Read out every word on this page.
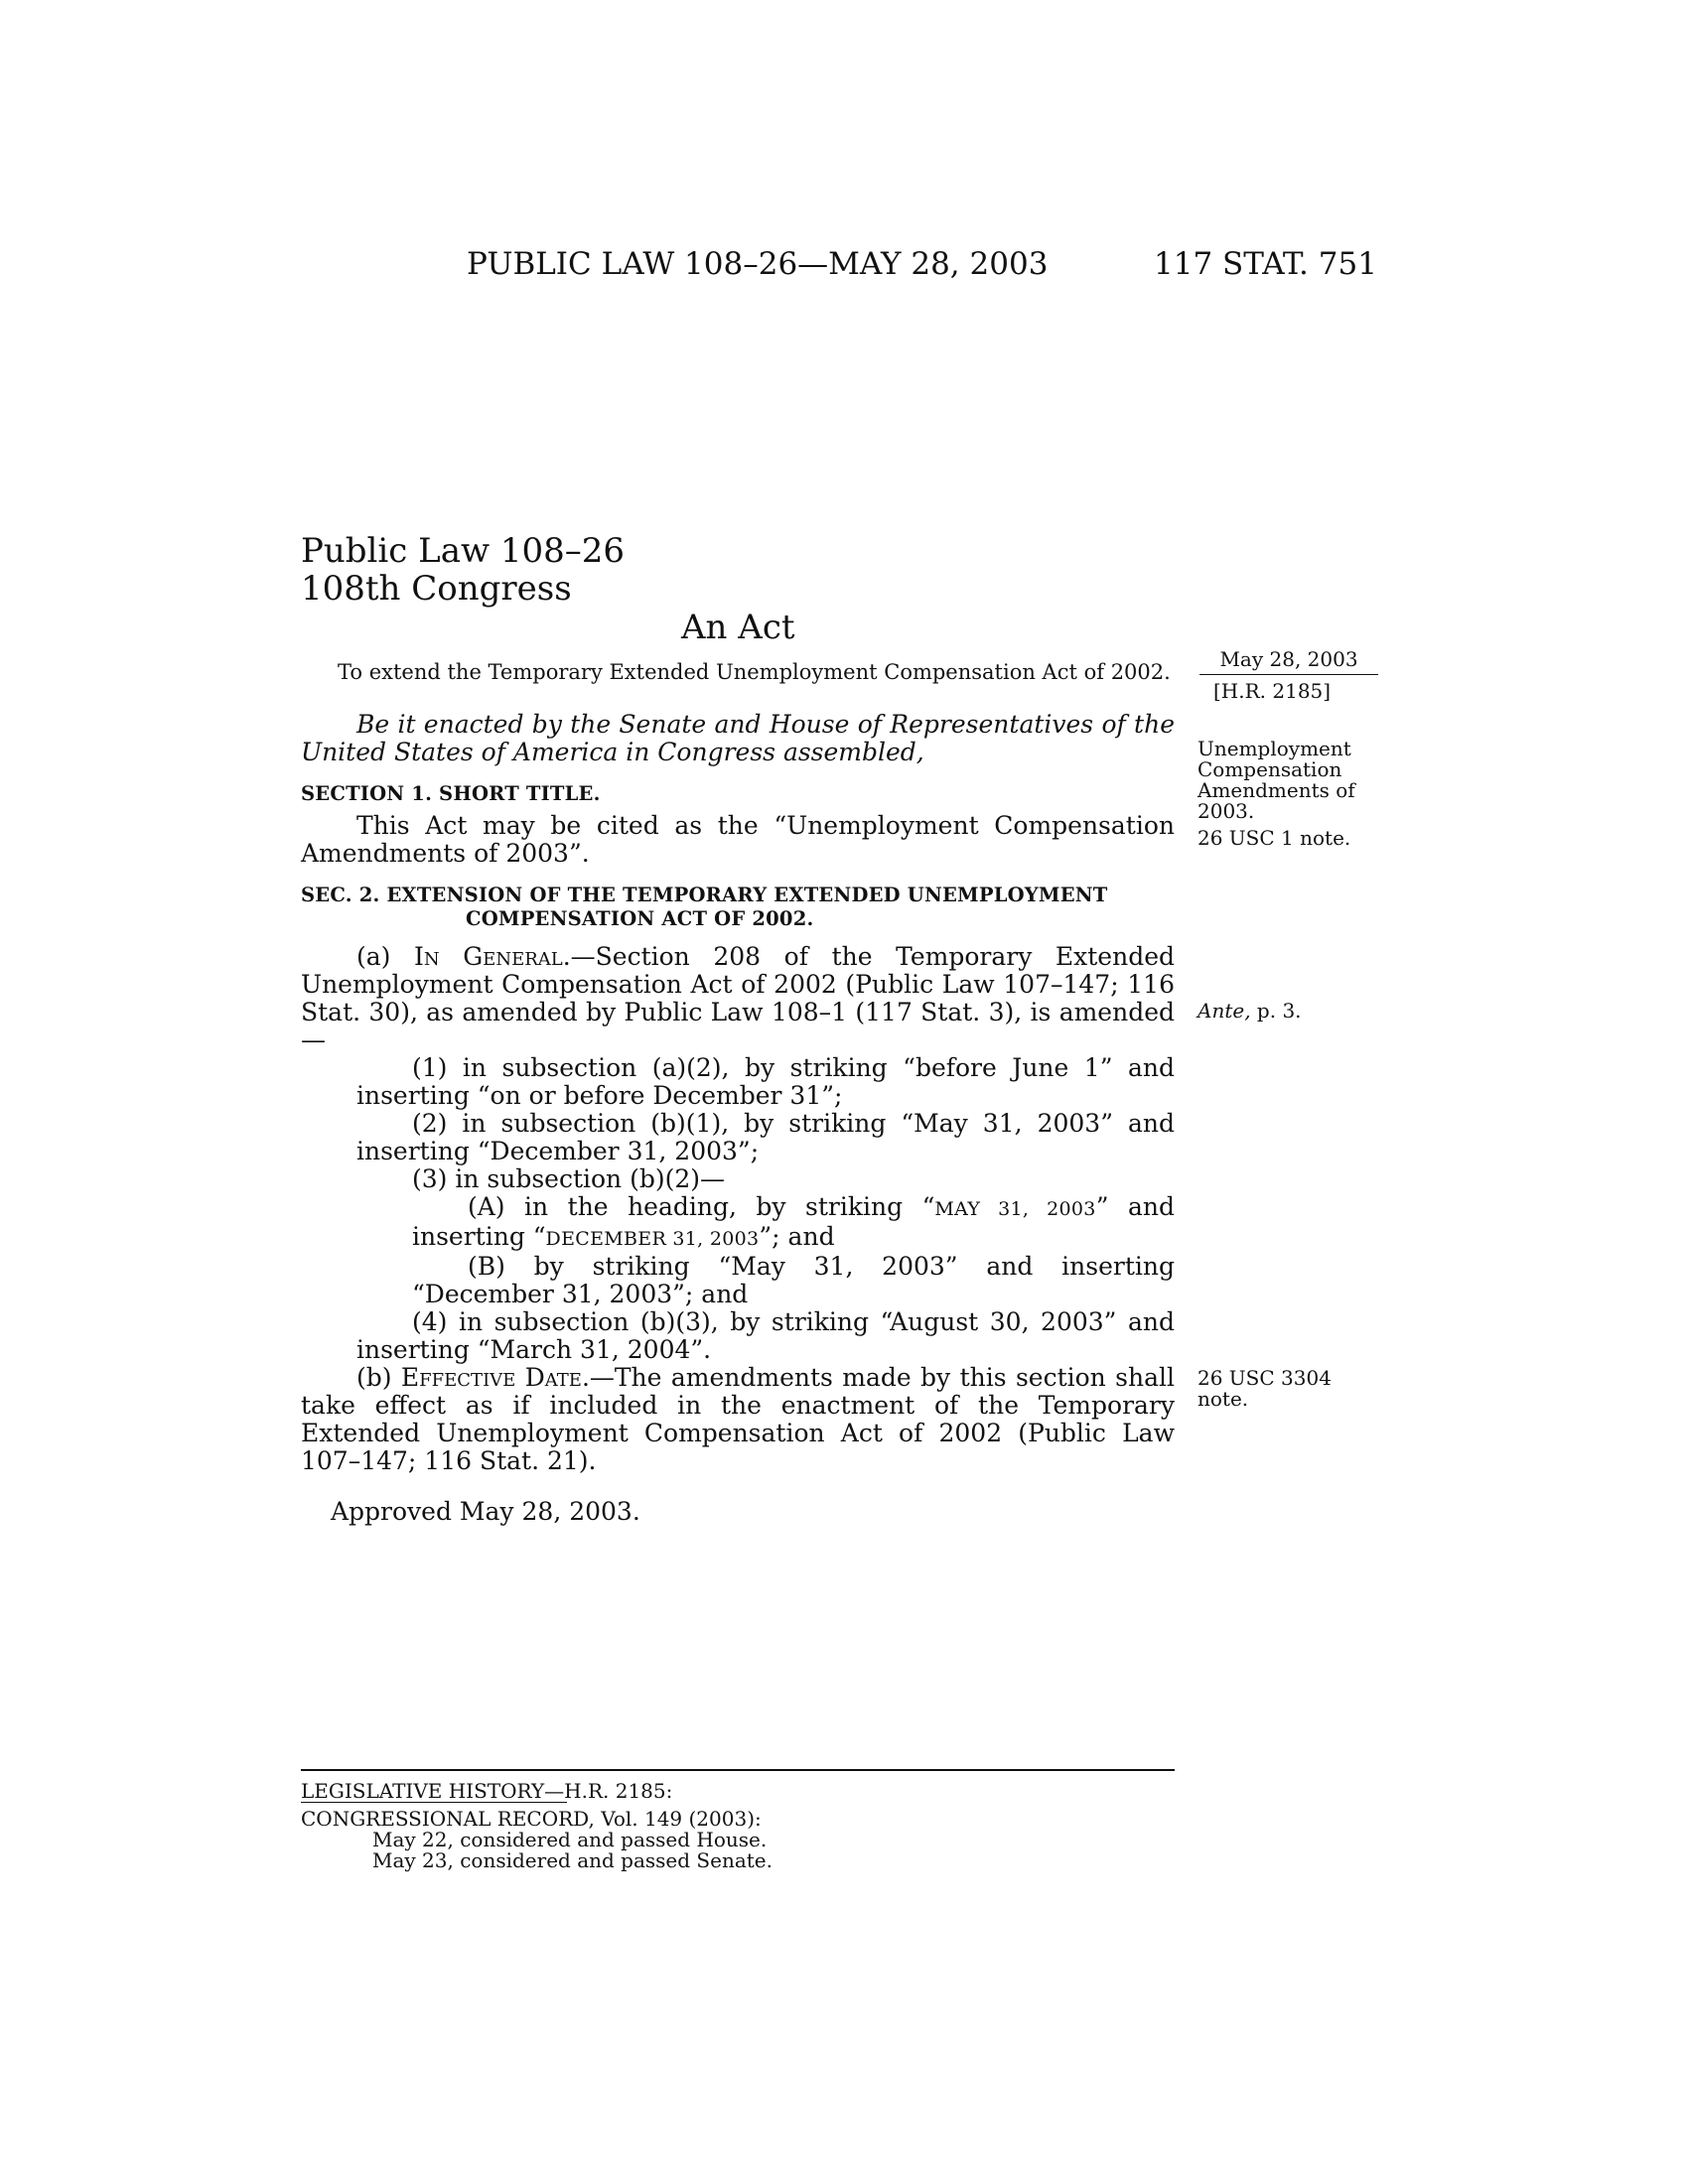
PUBLIC LAW 108–26—MAY 28, 2003	117 STAT. 751
Public Law 108–26
108th Congress
An Act
To extend the Temporary Extended Unemployment Compensation Act of 2002.
May 28, 2003
[H.R. 2185]
Unemployment Compensation Amendments of 2003.
26 USC 1 note.
Ante, p. 3.
26 USC 3304 note.
Be it enacted by the Senate and House of Representatives of the United States of America in Congress assembled,
SECTION 1. SHORT TITLE.
This Act may be cited as the “Unemployment Compensation Amendments of 2003”.
SEC. 2. EXTENSION OF THE TEMPORARY EXTENDED UNEMPLOYMENT
COMPENSATION ACT OF 2002.
(a) In General.—Section 208 of the Temporary Extended Unemployment Compensation Act of 2002 (Public Law 107–147; 116 Stat. 30), as amended by Public Law 108–1 (117 Stat. 3), is amended—
(1) in subsection (a)(2), by striking “before June 1” and inserting “on or before December 31”;
(2) in subsection (b)(1), by striking “May 31, 2003” and inserting “December 31, 2003”;
(3) in subsection (b)(2)—
(A) in the heading, by striking “MAY 31, 2003” and inserting “DECEMBER 31, 2003”; and
(B) by striking “May 31, 2003” and inserting “December 31, 2003”; and
(4) in subsection (b)(3), by striking “August 30, 2003” and inserting “March 31, 2004”.
(b) Effective Date.—The amendments made by this section shall take effect as if included in the enactment of the Temporary Extended Unemployment Compensation Act of 2002 (Public Law 107–147; 116 Stat. 21).
Approved May 28, 2003.
LEGISLATIVE HISTORY—H.R. 2185:
CONGRESSIONAL RECORD, Vol. 149 (2003):
May 22, considered and passed House.
May 23, considered and passed Senate.
